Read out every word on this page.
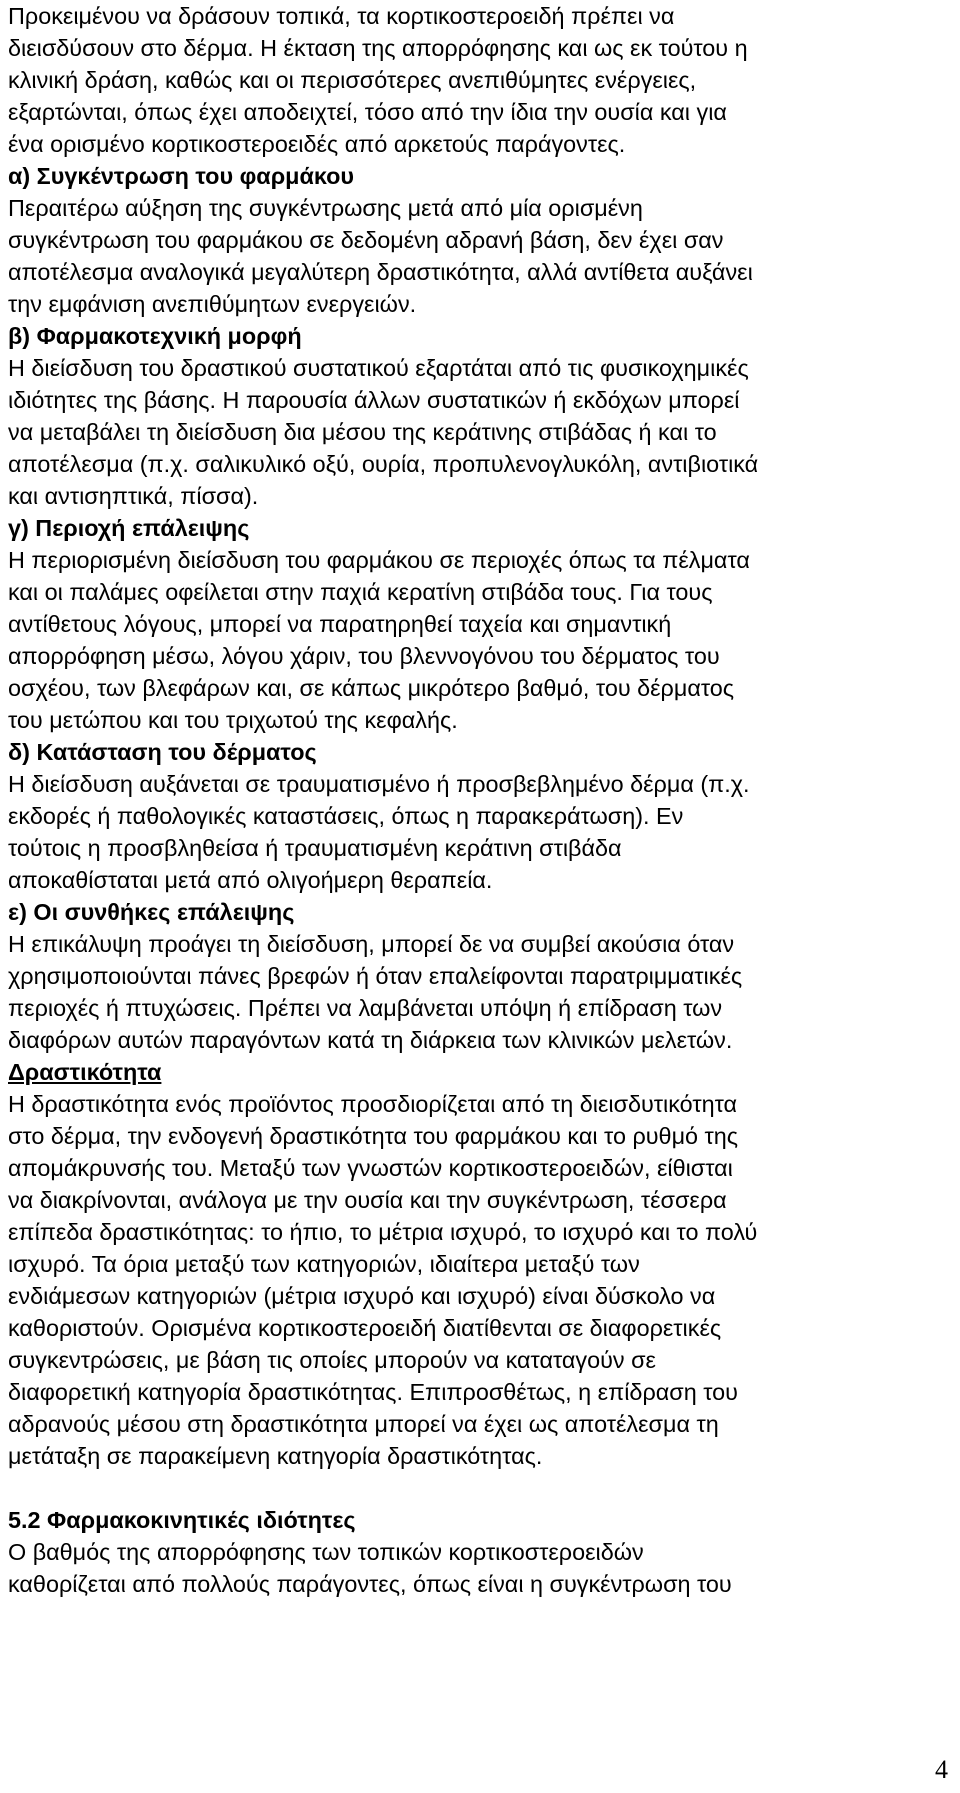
Προκειμένου να δράσουν τοπικά, τα κορτικοστεροειδή πρέπει να
διεισδύσουν στο δέρμα. Η έκταση της απορρόφησης και ως εκ τούτου η
κλινική δράση, καθώς και οι περισσότερες ανεπιθύμητες ενέργειες,
εξαρτώνται, όπως έχει αποδειχτεί, τόσο από την ίδια την ουσία και για
ένα ορισμένο κορτικοστεροειδές από αρκετούς παράγοντες.

α) Συγκέντρωση του φαρμάκου

Περαιτέρω αύξηση της συγκέντρωσης μετά από μία ορισμένη
συγκέντρωση του φαρμάκου σε δεδομένη αδρανή βάση, δεν έχει σαν
αποτέλεσμα αναλογικά μεγαλύτερη δραστικότητα, αλλά αντίθετα αυξάνει
την εμφάνιση ανεπιθύμητων ενεργειών.

β) Φαρμακοτεχνική μορφή

Η διείσδυση του δραστικού συστατικού εξαρτάται από τις φυσικοχημικές
ιδιότητες της βάσης. Η παρουσία άλλων συστατικών ή εκδόχων μπορεί
να μεταβάλει τη διείσδυση δια μέσου της κεράτινης στιβάδας ή και το
αποτέλεσμα (π.χ. σαλικυλικό οξύ, ουρία, προπυλενογλυκόλη, αντιβιοτικά
και αντισηπτικά, πίσσα).

γ) Περιοχή επάλειψης

Η περιορισμένη διείσδυση του φαρμάκου σε περιοχές όπως τα πέλματα
και οι παλάμες οφείλεται στην παχιά κερατίνη στιβάδα τους. Για τους
αντίθετους λόγους, μπορεί να παρατηρηθεί ταχεία και σημαντική
απορρόφηση μέσω, λόγου χάριν, του βλεννογόνου του δέρματος του
οσχέου, των βλεφάρων και, σε κάπως μικρότερο βαθμό, του δέρματος
του μετώπου και του τριχωτού της κεφαλής.

δ) Κατάσταση του δέρματος

Η διείσδυση αυξάνεται σε τραυματισμένο ή προσβεβλημένο δέρμα (π.χ.
εκδορές ή παθολογικές καταστάσεις, όπως η παρακεράτωση). Εν
τούτοις η προσβληθείσα ή τραυματισμένη κεράτινη στιβάδα
αποκαθίσταται μετά από ολιγοήμερη θεραπεία.

ε) Οι συνθήκες επάλειψης

Η επικάλυψη προάγει τη διείσδυση, μπορεί δε να συμβεί ακούσια όταν
χρησιμοποιούνται πάνες βρεφών ή όταν επαλείφονται παρατριμματικές
περιοχές ή πτυχώσεις. Πρέπει να λαμβάνεται υπόψη ή επίδραση των
διαφόρων αυτών παραγόντων κατά τη διάρκεια των κλινικών μελετών.

Δραστικότητα

Η δραστικότητα ενός προϊόντος προσδιορίζεται από τη διεισδυτικότητα
στο δέρμα, την ενδογενή δραστικότητα του φαρμάκου και το ρυθμό της
απομάκρυνσής του. Μεταξύ των γνωστών κορτικοστεροειδών, είθισται
να διακρίνονται, ανάλογα με την ουσία και την συγκέντρωση, τέσσερα
επίπεδα δραστικότητας: το ήπιο, το μέτρια ισχυρό, το ισχυρό και το πολύ
ισχυρό. Τα όρια μεταξύ των κατηγοριών, ιδιαίτερα μεταξύ των
ενδιάμεσων κατηγοριών (μέτρια ισχυρό και ισχυρό) είναι δύσκολο να
καθοριστούν. Ορισμένα κορτικοστεροειδή διατίθενται σε διαφορετικές
συγκεντρώσεις, με βάση τις οποίες μπορούν να καταταγούν σε
διαφορετική κατηγορία δραστικότητας. Επιπροσθέτως, η επίδραση του
αδρανούς μέσου στη δραστικότητα μπορεί να έχει ως αποτέλεσμα τη
μετάταξη σε παρακείμενη κατηγορία δραστικότητας.

5.2 Φαρμακοκινητικές ιδιότητες

Ο βαθμός της απορρόφησης των τοπικών κορτικοστεροειδών
καθορίζεται από πολλούς παράγοντες, όπως είναι η συγκέντρωση του

4
